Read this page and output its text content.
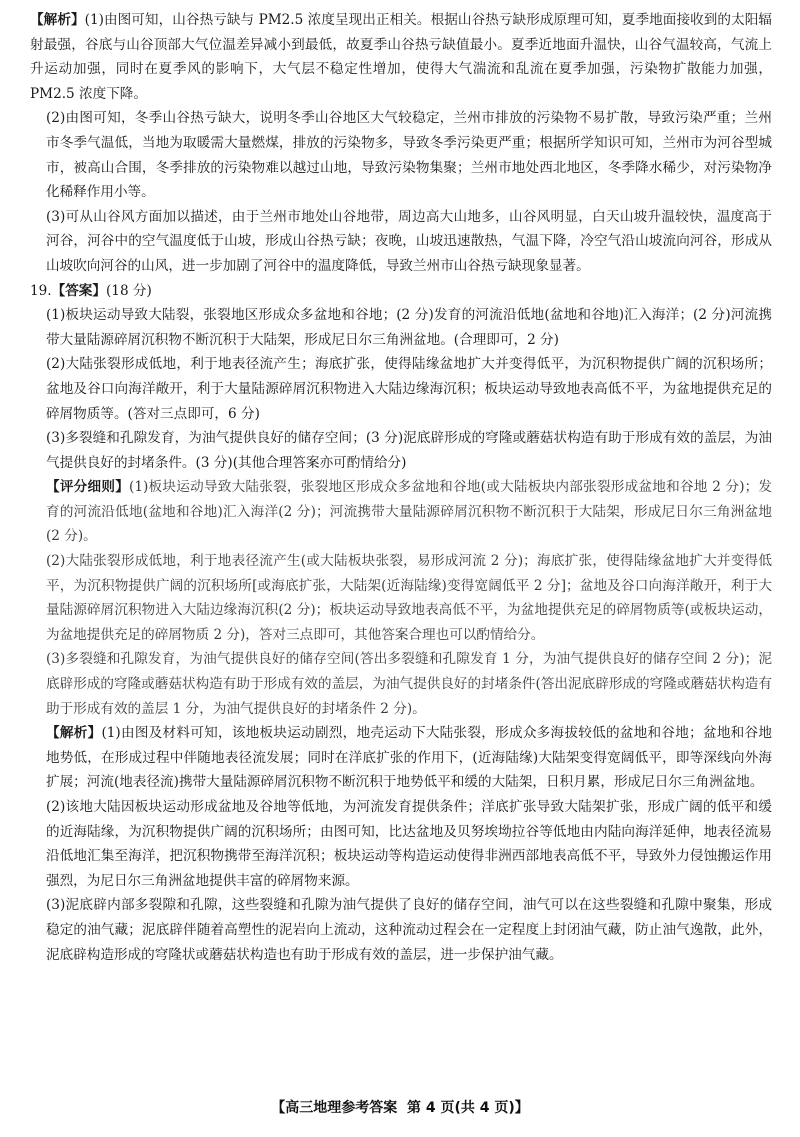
【解析】(1)由图可知，山谷热亏缺与 PM2.5 浓度呈现出正相关。根据山谷热亏缺形成原理可知，夏季地面接收到的太阳辐射最强，谷底与山谷顶部大气位温差异减小到最低，故夏季山谷热亏缺值最小。夏季近地面升温快，山谷气温较高，气流上升运动加强，同时在夏季风的影响下，大气层不稳定性增加，使得大气湍流和乱流在夏季加强，污染物扩散能力加强，PM2.5 浓度下降。

(2)由图可知，冬季山谷热亏缺大，说明冬季山谷地区大气较稳定，兰州市排放的污染物不易扩散，导致污染严重；兰州市冬季气温低，当地为取暖需大量燃煤，排放的污染物多，导致冬季污染更严重；根据所学知识可知，兰州市为河谷型城市，被高山合围，冬季排放的污染物难以越过山地，导致污染物集聚；兰州市地处西北地区，冬季降水稀少，对污染物净化稀释作用小等。

(3)可从山谷风方面加以描述，由于兰州市地处山谷地带，周边高大山地多，山谷风明显，白天山坡升温较快，温度高于河谷，河谷中的空气温度低于山坡，形成山谷热亏缺；夜晚，山坡迅速散热，气温下降，冷空气沿山坡流向河谷，形成从山坡吹向河谷的山风，进一步加剧了河谷中的温度降低，导致兰州市山谷热亏缺现象显著。

19.【答案】(18 分)

(1)板块运动导致大陆裂，张裂地区形成众多盆地和谷地；(2 分)发育的河流沿低地(盆地和谷地)汇入海洋；(2 分)河流携带大量陆源碎屑沉积物不断沉积于大陆架，形成尼日尔三角洲盆地。(合理即可，2 分)

(2)大陆张裂形成低地，利于地表径流产生；海底扩张，使得陆缘盆地扩大并变得低平，为沉积物提供广阔的沉积场所；盆地及谷口向海洋敞开，利于大量陆源碎屑沉积物进入大陆边缘海沉积；板块运动导致地表高低不平，为盆地提供充足的碎屑物质等。(答对三点即可，6 分)

(3)多裂缝和孔隙发育，为油气提供良好的储存空间；(3 分)泥底辟形成的穹隆或蘑菇状构造有助于形成有效的盖层，为油气提供良好的封堵条件。(3 分)(其他合理答案亦可酌情给分)

【评分细则】(1)板块运动导致大陆张裂，张裂地区形成众多盆地和谷地(或大陆板块内部张裂形成盆地和谷地 2 分)；发育的河流沿低地(盆地和谷地)汇入海洋(2 分)；河流携带大量陆源碎屑沉积物不断沉积于大陆架，形成尼日尔三角洲盆地(2 分)。

(2)大陆张裂形成低地，利于地表径流产生(或大陆板块张裂，易形成河流 2 分)；海底扩张，使得陆缘盆地扩大并变得低平，为沉积物提供广阔的沉积场所[或海底扩张，大陆架(近海陆缘)变得宽阔低平 2 分]；盆地及谷口向海洋敞开，利于大量陆源碎屑沉积物进入大陆边缘海沉积(2 分)；板块运动导致地表高低不平，为盆地提供充足的碎屑物质等(或板块运动，为盆地提供充足的碎屑物质 2 分)，答对三点即可，其他答案合理也可以酌情给分。

(3)多裂缝和孔隙发育，为油气提供良好的储存空间(答出多裂缝和孔隙发育 1 分，为油气提供良好的储存空间 2 分)；泥底辟形成的穹隆或蘑菇状构造有助于形成有效的盖层，为油气提供良好的封堵条件(答出泥底辟形成的穹隆或蘑菇状构造有助于形成有效的盖层 1 分，为油气提供良好的封堵条件 2 分)。

【解析】(1)由图及材料可知，该地板块运动剧烈，地壳运动下大陆张裂，形成众多海拔较低的盆地和谷地；盆地和谷地地势低，在形成过程中伴随地表径流发展；同时在洋底扩张的作用下，(近海陆缘)大陆架变得宽阔低平，即等深线向外海扩展；河流(地表径流)携带大量陆源碎屑沉积物不断沉积于地势低平和缓的大陆架，日积月累，形成尼日尔三角洲盆地。

(2)该地大陆因板块运动形成盆地及谷地等低地，为河流发育提供条件；洋底扩张导致大陆架扩张，形成广阔的低平和缓的近海陆缘，为沉积物提供广阔的沉积场所；由图可知，比达盆地及贝努埃坳拉谷等低地由内陆向海洋延伸，地表径流易沿低地汇集至海洋，把沉积物携带至海洋沉积；板块运动等构造运动使得非洲西部地表高低不平，导致外力侵蚀搬运作用强烈，为尼日尔三角洲盆地提供丰富的碎屑物来源。

(3)泥底辟内部多裂隙和孔隙，这些裂缝和孔隙为油气提供了良好的储存空间，油气可以在这些裂缝和孔隙中聚集，形成稳定的油气藏；泥底辟伴随着高塑性的泥岩向上流动，这种流动过程会在一定程度上封闭油气藏，防止油气逸散，此外，泥底辟构造形成的穹隆状或蘑菇状构造也有助于形成有效的盖层，进一步保护油气藏。

【高三地理参考答案 第 4 页(共 4 页)】
